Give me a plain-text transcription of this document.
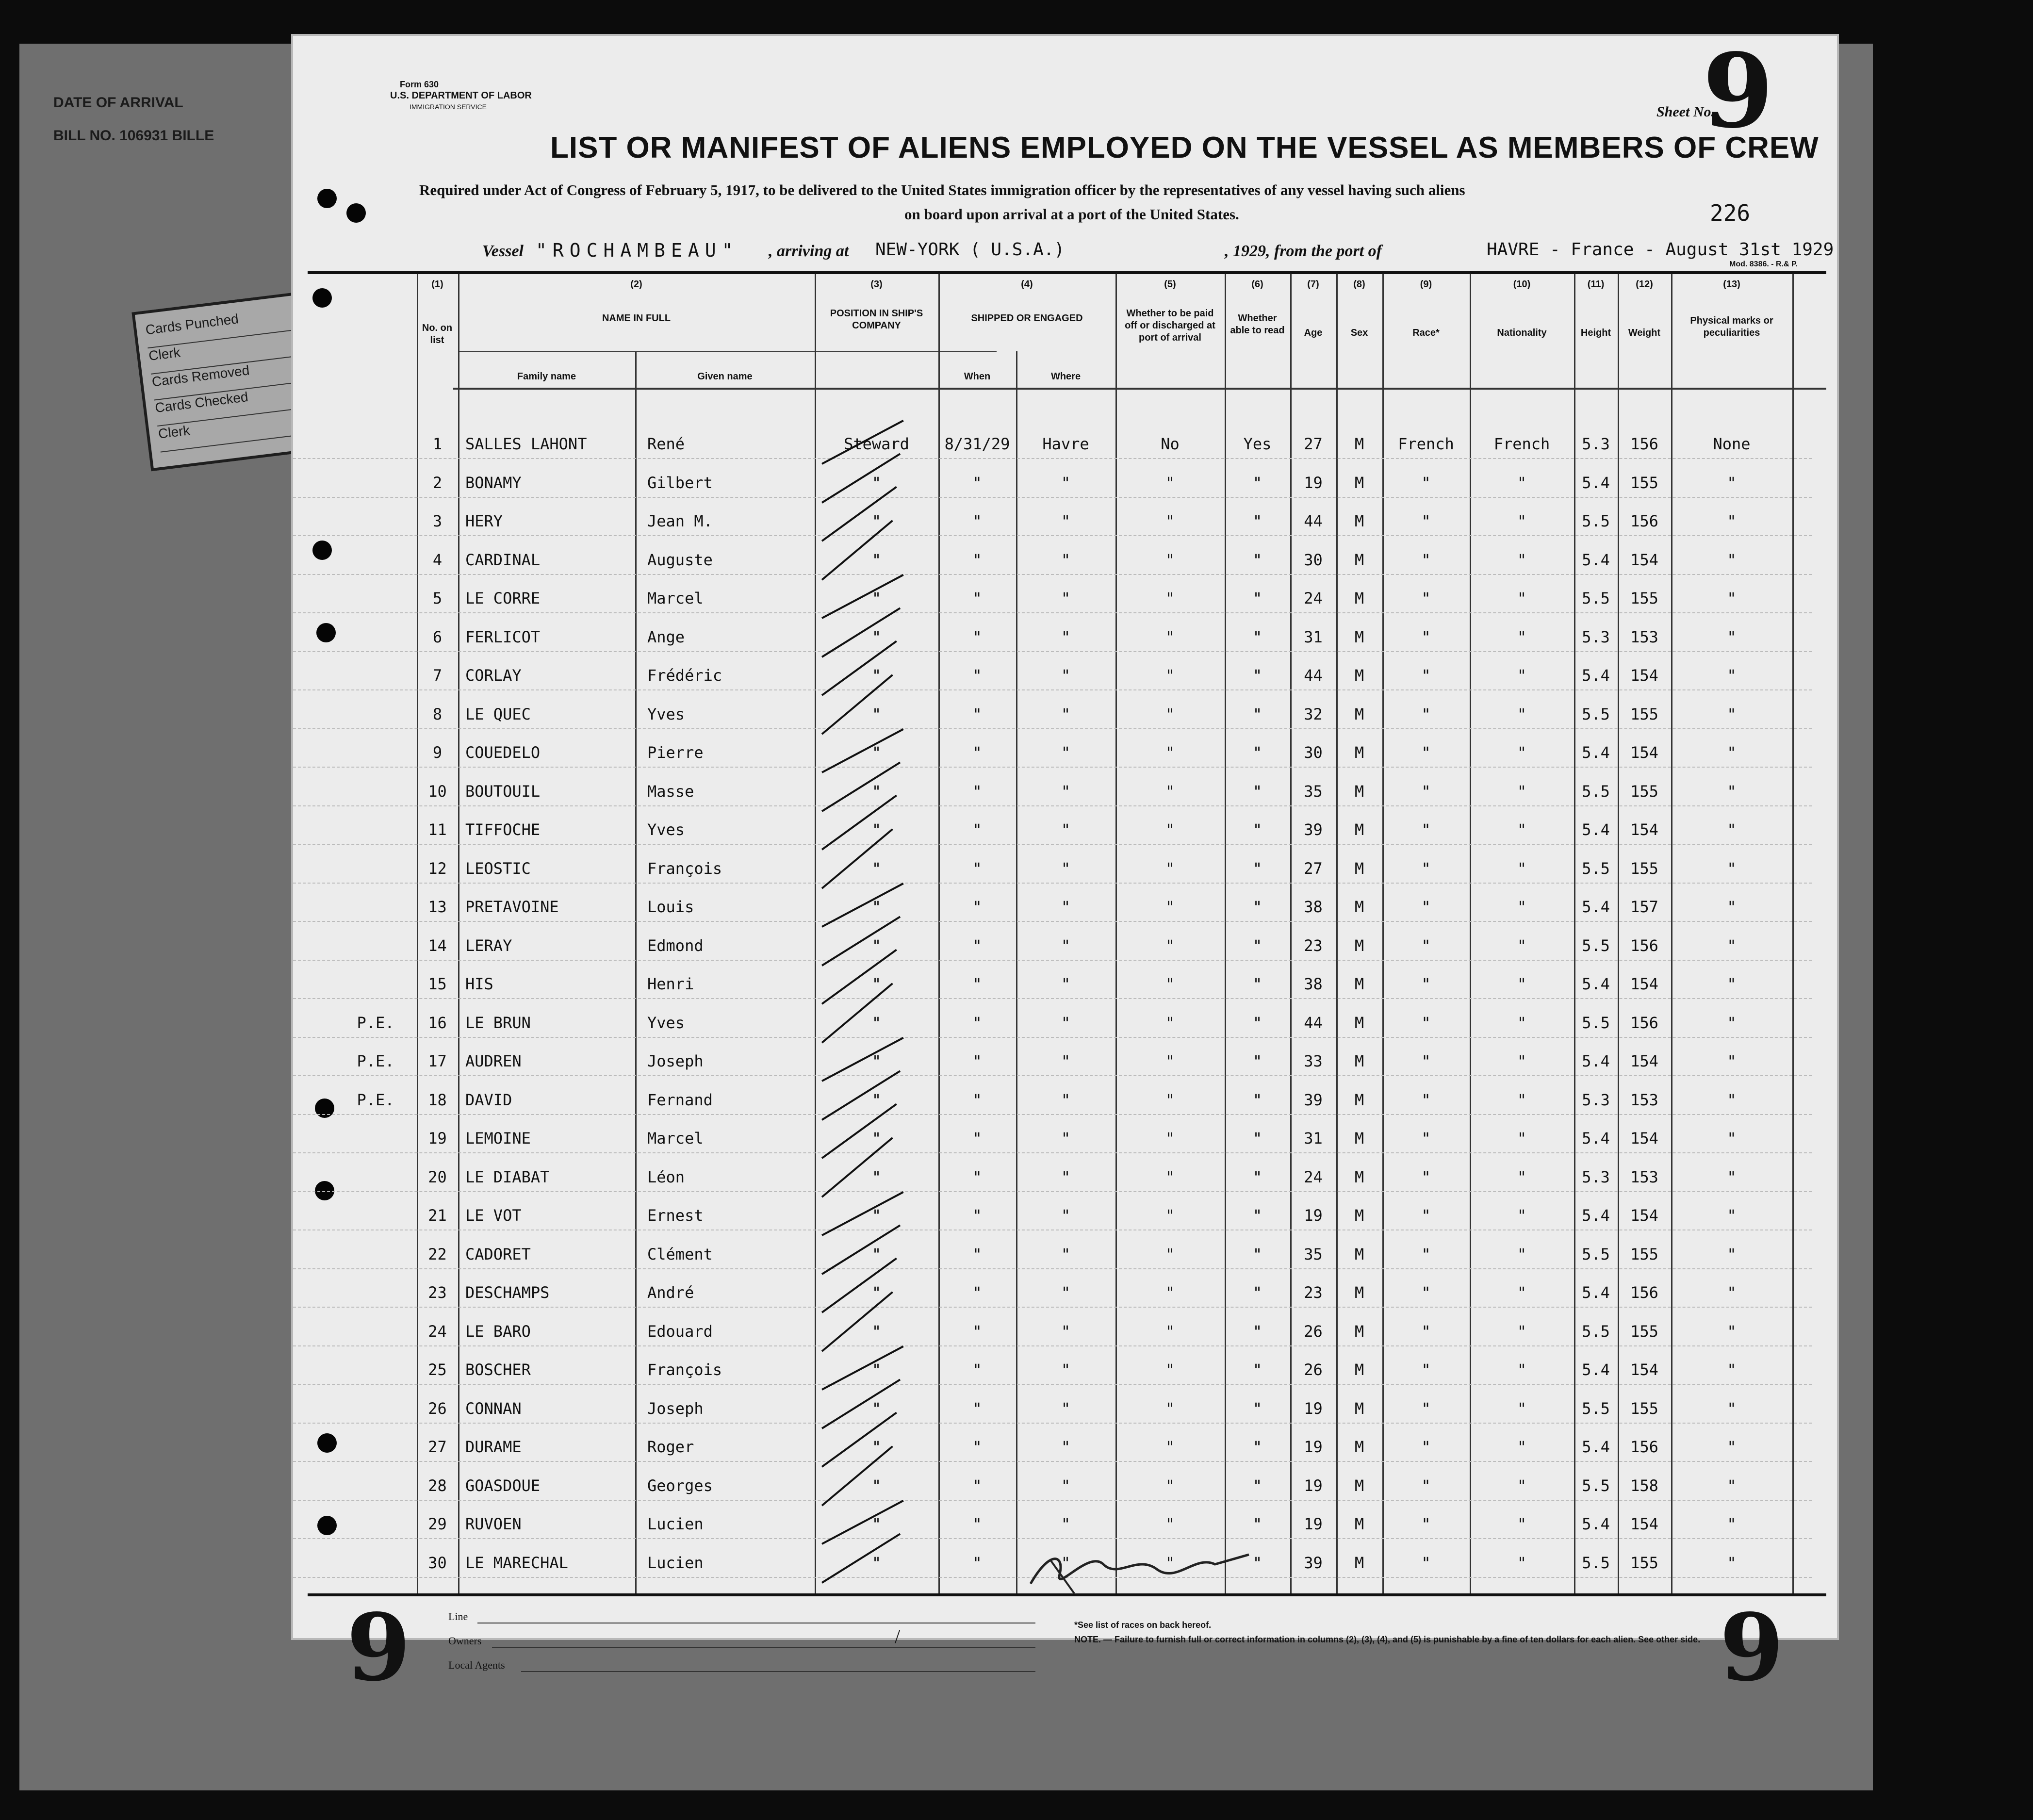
DATE OF ARRIVAL
BILL NO. 106931 BILLE
Cards Punched
Clerk
Cards Removed
Cards Checked
Clerk
Form 630
U.S. DEPARTMENT OF LABOR
IMMIGRATION SERVICE	Sheet No.
9
LIST OR MANIFEST OF ALIENS EMPLOYED ON THE VESSEL AS MEMBERS OF CREW
Required under Act of Congress of February 5, 1917, to be delivered to the United States immigration officer by the representatives of any vessel having such aliens
on board upon arrival at a port of the United States.	226
Vessel "ROCHAMBEAU" , arriving at NEW-YORK ( U.S.A.)	, 1929, from the port of	HAVRE - France - August 31st 1929
Mod. 8386. - R.& P.
(1)
No. on list
(2)
NAME IN FULL
Family name	Given name
(3)
POSITION IN SHIP'S COMPANY
(4)
SHIPPED OR ENGAGED
When	Where
(5)
Whether to be paid off or discharged at port of arrival
(6)
Whether able to read
(7)
Age
(8)
Sex
(9)
Race*
(10)
Nationality
(11)
Height
(12)
Weight
(13)
Physical marks or peculiarities
1	SALLES LAHONT	René	Steward	8/31/29	Havre	No	Yes	27	M	French	French	5.3	156	None
2	BONAMY	Gilbert	"	"	"	"	"	19	M	"	"	5.4	155	"
3	HERY	Jean M.	"	"	"	"	"	44	M	"	"	5.5	156	"
4	CARDINAL	Auguste	"	"	"	"	"	30	M	"	"	5.4	154	"
5	LE CORRE	Marcel	"	"	"	"	"	24	M	"	"	5.5	155	"
6	FERLICOT	Ange	"	"	"	"	"	31	M	"	"	5.3	153	"
7	CORLAY	Frédéric	"	"	"	"	"	44	M	"	"	5.4	154	"
8	LE QUEC	Yves	"	"	"	"	"	32	M	"	"	5.5	155	"
9	COUEDELO	Pierre	"	"	"	"	"	30	M	"	"	5.4	154	"
10	BOUTOUIL	Masse	"	"	"	"	"	35	M	"	"	5.5	155	"
11	TIFFOCHE	Yves	"	"	"	"	"	39	M	"	"	5.4	154	"
12	LEOSTIC	François	"	"	"	"	"	27	M	"	"	5.5	155	"
13	PRETAVOINE	Louis	"	"	"	"	"	38	M	"	"	5.4	157	"
14	LERAY	Edmond	"	"	"	"	"	23	M	"	"	5.5	156	"
15	HIS	Henri	"	"	"	"	"	38	M	"	"	5.4	154	"
P.E.	16	LE BRUN	Yves	"	"	"	"	"	44	M	"	"	5.5	156	"
P.E.	17	AUDREN	Joseph	"	"	"	"	"	33	M	"	"	5.4	154	"
P.E.	18	DAVID	Fernand	"	"	"	"	"	39	M	"	"	5.3	153	"
19	LEMOINE	Marcel	"	"	"	"	"	31	M	"	"	5.4	154	"
20	LE DIABAT	Léon	"	"	"	"	"	24	M	"	"	5.3	153	"
21	LE VOT	Ernest	"	"	"	"	"	19	M	"	"	5.4	154	"
22	CADORET	Clément	"	"	"	"	"	35	M	"	"	5.5	155	"
23	DESCHAMPS	André	"	"	"	"	"	23	M	"	"	5.4	156	"
24	LE BARO	Edouard	"	"	"	"	"	26	M	"	"	5.5	155	"
25	BOSCHER	François	"	"	"	"	"	26	M	"	"	5.4	154	"
26	CONNAN	Joseph	"	"	"	"	"	19	M	"	"	5.5	155	"
27	DURAME	Roger	"	"	"	"	"	19	M	"	"	5.4	156	"
28	GOASDOUE	Georges	"	"	"	"	"	19	M	"	"	5.5	158	"
29	RUVOEN	Lucien	"	"	"	"	"	19	M	"	"	5.4	154	"
30	LE MARECHAL	Lucien	"	"	"	"	"	39	M	"	"	5.5	155	"
9	9
Line
Owners
Local Agents
/
*See list of races on back hereof.
NOTE. — Failure to furnish full or correct information in columns (2), (3), (4), and (5) is punishable by a fine of ten dollars for each alien. See other side.
